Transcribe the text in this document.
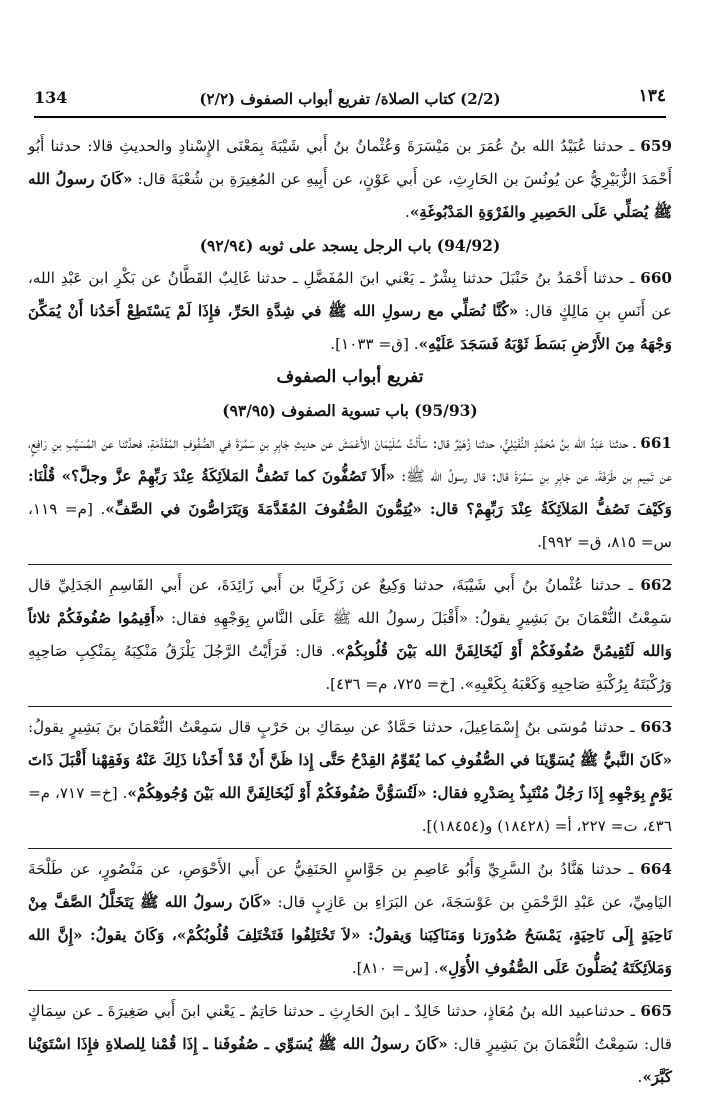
134	(2/2) كتاب الصلاة/ تفريع أبواب الصفوف (٢/٢)	١٣٤

659 ـ حدثنا عُبَيْدُ الله بنُ عُمَرَ بن مَيْسَرَةَ وَعُثْمانُ بنُ أَبي شَيْبَةَ بِمَعْنَى الإِسْنادِ والحديثِ قالا: حدثنا أَبُو أَحْمَدَ الزُّبَيْرِيُّ عن يُونُسَ بن الحَارِثِ، عن أَبي عَوْنٍ، عن أَبِيهِ عن المُغِيرَةِ بن شُعْبَةَ قال: «كَانَ رسولُ الله ﷺ يُصَلِّي عَلَى الحَصِيرِ والفَرْوَةِ المَدْبُوغَةِ».

(94/92) باب الرجل يسجد على ثوبه (٩٢/٩٤)

660 ـ حدثنا أَحْمَدُ بنُ حَنْبَلَ حدثنا بِشْرٌ ـ يَعْني ابنَ المُفَضَّلِ ـ حدثنا غَالِبٌ القَطَّانُ عن بَكْرِ ابن عَبْدِ الله، عن أَنَسِ بنِ مَالِكٍ قال: «كُنَّا نُصَلِّي مع رسولِ الله ﷺ في شِدَّةِ الحَرِّ، فإِذَا لَمْ يَسْتَطِعْ أَحَدُنا أَنْ يُمَكِّنَ وَجْهَهُ مِنَ الأَرْضِ بَسَطَ ثَوْبَهُ فَسَجَدَ عَلَيْهِ». [ق= ١٠٣٣].

تفريع أبواب الصفوف

(95/93) باب تسوية الصفوف (٩٣/٩٥)

661 ـ حدثنا عَبْدُ الله بنُ مُحَمَّدٍ النُّفَيْلِيُّ، حدثنا زُهَيْرٌ قال: سَأَلْتُ سُلَيْمَانَ الأَعْمَشَ عن حديثِ جَابِرِ بنِ سَمُرَةَ في الصُّفُوفِ المُقَدَّمَةِ، فحدَّثنا عن المُسَيَّبِ بنِ رَافِعٍ، عن تَمِيمِ بن طَرَفَةَ، عن جَابِرِ بنِ سَمُرَةَ قال: قال رسولُ الله ﷺ: «أَلاَ تَصُفُّونَ كما تَصُفُّ المَلاَئِكَةُ عِنْدَ رَبِّهِمْ عزَّ وجلَّ؟» قُلْنَا: وَكَيْفَ تَصُفُّ المَلاَئِكَةُ عِنْدَ رَبِّهِمْ؟ قال: «يُتِمُّونَ الصُّفُوفَ المُقَدَّمَةَ وَيَتَرَاصُّونَ في الصَّفِّ». [م= ١١٩، س= ٨١٥، ق= ٩٩٢].

662 ـ حدثنا عُثْمانُ بنُ أَبي شَيْبَةَ، حدثنا وَكِيعٌ عن زَكَرِيَّا بن أَبي زَائِدَةَ، عن أَبي القَاسِمِ الجَدَلِيِّ قال سَمِعْتُ النُّعْمَانَ بنَ بَشِيرٍ يقولُ: «أَقْبَلَ رسولُ الله ﷺ عَلَى النَّاسِ بِوَجْهِهِ فقال: «أَقِيمُوا صُفُوفَكُمْ ثلاثاً وَالله لَتُقِيمُنَّ صُفُوفَكُمْ أَوْ لَيُخَالِفَنَّ الله بَيْنَ قُلُوبِكُمْ». قال: فَرَأَيْتُ الرَّجُلَ يَلْزَقُ مَنْكِبَهُ بِمَنْكِبِ صَاحِبِهِ وَرُكْبَتَهُ بِرُكْبَةِ صَاحِبِهِ وَكَعْبَهُ بِكَعْبِهِ». [خ= ٧٢٥، م= ٤٣٦].

663 ـ حدثنا مُوسَى بنُ إِسْمَاعِيلَ، حدثنا حَمَّادٌ عن سِمَاكِ بن حَرْبٍ قال سَمِعْتُ النُّعْمَانَ بنَ بَشِيرٍ يقولُ: «كَانَ النَّبيُّ ﷺ يُسَوِّينَا في الصُّفُوفِ كما يُقَوِّمُ القِدْحُ حَتَّى إِذا ظَنَّ أَنْ قَدْ أَخَذْنا ذَلِكَ عَنْهُ وَفَقِهْنا أَقْبَلَ ذَاتَ يَوْمٍ بِوَجْهِهِ إِذَا رَجُلٌ مُنْتَبِذٌ بِصَدْرِهِ فقال: «لَتُسَوُّنَّ صُفُوفَكُمْ أَوْ لَيُخَالِفَنَّ الله بَيْنَ وُجُوهِكُمْ». [خ= ٧١٧، م= ٤٣٦، ت= ٢٢٧، أ= (١٨٤٢٨) و(١٨٤٥٤)].

664 ـ حدثنا هَنَّادُ بنُ السَّرِيِّ وَأَبُو عَاصِمِ بن جَوَّاسٍ الحَنَفِيُّ عن أَبي الأَحْوَصِ، عن مَنْصُورٍ، عن طَلْحَةَ اليَامِيِّ، عن عَبْدِ الرَّحْمَنِ بن عَوْسَجَةَ، عن البَرَاءِ بن عَازِبٍ قال: «كَانَ رسولُ الله ﷺ يَتَخَلَّلُ الصَّفَّ مِنْ نَاحِيَةٍ إِلَى نَاحِيَةٍ، يَمْسَحُ صُدُورَنا وَمَنَاكِبَنا وَيقولُ: «لاَ تَخْتَلِفُوا فَتَخْتَلِفَ قُلُوبُكُمْ»، وَكَانَ يقولُ: «إِنَّ الله وَمَلاَئِكَتَهُ يُصَلُّونَ عَلَى الصُّفُوفِ الأُوَلِ». [س= ٨١٠].

665 ـ حدثناعبيد الله بنُ مُعَاذٍ، حدثنا خَالِدٌ ـ ابنَ الحَارِثِ ـ حدثنا حَاتِمٌ ـ يَعْني ابنَ أَبي صَغِيرَةَ ـ عن سِمَاكٍ قال: سَمِعْتُ النُّعْمَانَ بنَ بَشِيرٍ قال: «كَانَ رسولُ الله ﷺ يُسَوِّي ـ صُفُوفَنا ـ إِذَا قُمْنا لِلصلاةِ فإِذَا اسْتَوَيْنا كَبَّرَ».
